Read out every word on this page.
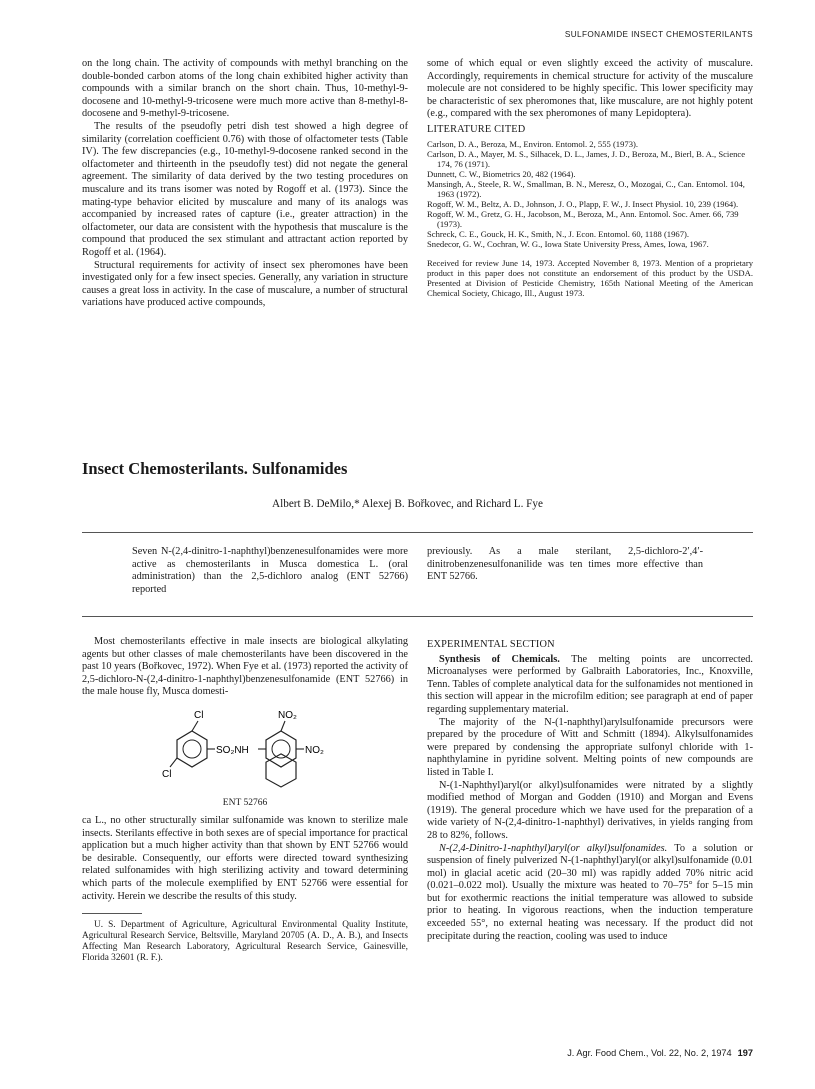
SULFONAMIDE INSECT CHEMOSTERILANTS

on the long chain. The activity of compounds with methyl branching on the double-bonded carbon atoms of the long chain exhibited higher activity than compounds with a similar branch on the short chain. Thus, 10-methyl-9-docosene and 10-methyl-9-tricosene were much more active than 8-methyl-8-docosene and 9-methyl-9-tricosene.

The results of the pseudofly petri dish test showed a high degree of similarity (correlation coefficient 0.76) with those of olfactometer tests (Table IV). The few discrepancies (e.g., 10-methyl-9-docosene ranked second in the olfactometer and thirteenth in the pseudofly test) did not negate the general agreement. The similarity of data derived by the two testing procedures on muscalure and its trans isomer was noted by Rogoff et al. (1973). Since the mating-type behavior elicited by muscalure and many of its analogs was accompanied by increased rates of capture (i.e., greater attraction) in the olfactometer, our data are consistent with the hypothesis that muscalure is the compound that produced the sex stimulant and attractant action reported by Rogoff et al. (1964).

Structural requirements for activity of insect sex pheromones have been investigated only for a few insect species. Generally, any variation in structure causes a great loss in activity. In the case of muscalure, a number of structural variations have produced active compounds,

some of which equal or even slightly exceed the activity of muscalure. Accordingly, requirements in chemical structure for activity of the muscalure molecule are not considered to be highly specific. This lower specificity may be characteristic of sex pheromones that, like muscalure, are not highly potent (e.g., compared with the sex pheromones of many Lepidoptera).

LITERATURE CITED
Carlson, D. A., Beroza, M., Environ. Entomol. 2, 555 (1973).
Carlson, D. A., Mayer, M. S., Silhacek, D. L., James, J. D., Beroza, M., Bierl, B. A., Science 174, 76 (1971).
Dunnett, C. W., Biometrics 20, 482 (1964).
Mansingh, A., Steele, R. W., Smallman, B. N., Meresz, O., Mozogai, C., Can. Entomol. 104, 1963 (1972).
Rogoff, W. M., Beltz, A. D., Johnson, J. O., Plapp, F. W., J. Insect Physiol. 10, 239 (1964).
Rogoff, W. M., Gretz, G. H., Jacobson, M., Beroza, M., Ann. Entomol. Soc. Amer. 66, 739 (1973).
Schreck, C. E., Gouck, H. K., Smith, N., J. Econ. Entomol. 60, 1188 (1967).
Snedecor, G. W., Cochran, W. G., Iowa State University Press, Ames, Iowa, 1967.

Received for review June 14, 1973. Accepted November 8, 1973. Mention of a proprietary product in this paper does not constitute an endorsement of this product by the USDA. Presented at Division of Pesticide Chemistry, 165th National Meeting of the American Chemical Society, Chicago, Ill., August 1973.

Insect Chemosterilants. Sulfonamides
Albert B. DeMilo,* Alexej B. Bořkovec, and Richard L. Fye
Seven N-(2,4-dinitro-1-naphthyl)benzenesulfonamides were more active as chemosterilants in Musca domestica L. (oral administration) than the 2,5-dichloro analog (ENT 52766) reported
previously. As a male sterilant, 2,5-dichloro-2′,4′-dinitrobenzenesulfonanilide was ten times more effective than ENT 52766.

Most chemosterilants effective in male insects are biological alkylating agents but other classes of male chemosterilants have been discovered in the past 10 years (Bořkovec, 1972). When Fye et al. (1973) reported the activity of 2,5-dichloro-N-(2,4-dinitro-1-naphthyl)benzenesulfonamide (ENT 52766) in the male house fly, Musca domesti-

Cl
Cl
SO₂NH
NO₂
NO₂
ENT 52766

ca L., no other structurally similar sulfonamide was known to sterilize male insects. Sterilants effective in both sexes are of special importance for practical application but a much higher activity than that shown by ENT 52766 would be desirable. Consequently, our efforts were directed toward synthesizing related sulfonamides with high sterilizing activity and toward determining which parts of the molecule exemplified by ENT 52766 were essential for activity. Herein we describe the results of this study.

U. S. Department of Agriculture, Agricultural Environmental Quality Institute, Agricultural Research Service, Beltsville, Maryland 20705 (A. D., A. B.), and Insects Affecting Man Research Laboratory, Agricultural Research Service, Gainesville, Florida 32601 (R. F.).

EXPERIMENTAL SECTION

Synthesis of Chemicals. The melting points are uncorrected. Microanalyses were performed by Galbraith Laboratories, Inc., Knoxville, Tenn. Tables of complete analytical data for the sulfonamides not mentioned in this section will appear in the microfilm edition; see paragraph at end of paper regarding supplementary material.

The majority of the N-(1-naphthyl)arylsulfonamide precursors were prepared by the procedure of Witt and Schmitt (1894). Alkylsulfonamides were prepared by condensing the appropriate sulfonyl chloride with 1-naphthylamine in pyridine solvent. Melting points of new compounds are listed in Table I.

N-(1-Naphthyl)aryl(or alkyl)sulfonamides were nitrated by a slightly modified method of Morgan and Godden (1910) and Morgan and Evens (1919). The general procedure which we have used for the preparation of a wide variety of N-(2,4-dinitro-1-naphthyl) derivatives, in yields ranging from 28 to 82%, follows.

N-(2,4-Dinitro-1-naphthyl)aryl(or alkyl)sulfonamides. To a solution or suspension of finely pulverized N-(1-naphthyl)aryl(or alkyl)sulfonamide (0.01 mol) in glacial acetic acid (20–30 ml) was rapidly added 70% nitric acid (0.021–0.022 mol). Usually the mixture was heated to 70–75° for 5–15 min but for exothermic reactions the initial temperature was allowed to subside prior to heating. In vigorous reactions, when the induction temperature exceeded 55°, no external heating was necessary. If the product did not precipitate during the reaction, cooling was used to induce

J. Agr. Food Chem., Vol. 22, No. 2, 1974 197
